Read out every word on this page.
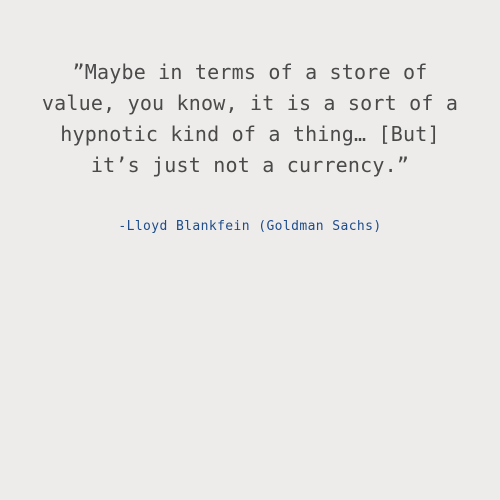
”Maybe in terms of a store of

value, you know, it is a sort of a

hypnotic kind of a thing… [But]

it’s just not a currency.”

-Lloyd Blankfein (Goldman Sachs)
